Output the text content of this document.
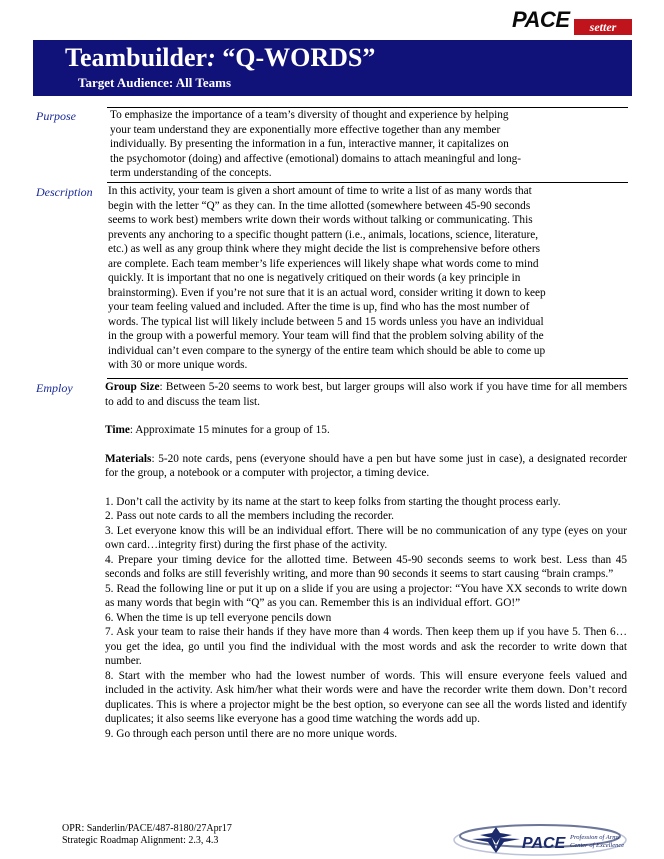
PACE	setter
Teambuilder: “Q-WORDS”
Target Audience: All Teams
Purpose	To emphasize the importance of a team’s diversity of thought and experience by helping
your team understand they are exponentially more effective together than any member
individually. By presenting the information in a fun, interactive manner, it capitalizes on
the psychomotor (doing) and affective (emotional) domains to attach meaningful and long-
term understanding of the concepts.
Description In this activity, your team is given a short amount of time to write a list of as many words that
begin with the letter “Q” as they can. In the time allotted (somewhere between 45-90 seconds
seems to work best) members write down their words without talking or communicating. This
prevents any anchoring to a specific thought pattern (i.e., animals, locations, science, literature,
etc.) as well as any group think where they might decide the list is comprehensive before others
are complete. Each team member’s life experiences will likely shape what words come to mind
quickly. It is important that no one is negatively critiqued on their words (a key principle in
brainstorming). Even if you’re not sure that it is an actual word, consider writing it down to keep
your team feeling valued and included. After the time is up, find who has the most number of
words. The typical list will likely include between 5 and 15 words unless you have an individual
in the group with a powerful memory. Your team will find that the problem solving ability of the
individual can’t even compare to the synergy of the entire team which should be able to come up
with 30 or more unique words.
Employ	Group Size: Between 5-20 seems to work best, but larger groups will also work if you have time for all members to add to and discuss the team list.

Time: Approximate 15 minutes for a group of 15.

Materials: 5-20 note cards, pens (everyone should have a pen but have some just in case), a designated recorder for the group, a notebook or a computer with projector, a timing device.

1. Don’t call the activity by its name at the start to keep folks from starting the thought process early.

2. Pass out note cards to all the members including the recorder.

3. Let everyone know this will be an individual effort. There will be no communication of any type (eyes on your own card…integrity first) during the first phase of the activity.

4. Prepare your timing device for the allotted time. Between 45-90 seconds seems to work best. Less than 45 seconds and folks are still feverishly writing, and more than 90 seconds it seems to start causing “brain cramps.”

5. Read the following line or put it up on a slide if you are using a projector: “You have XX seconds to write down as many words that begin with “Q” as you can. Remember this is an individual effort. GO!”

6. When the time is up tell everyone pencils down

7. Ask your team to raise their hands if they have more than 4 words. Then keep them up if you have 5. Then 6… you get the idea, go until you find the individual with the most words and ask the recorder to write down that number.

8. Start with the member who had the lowest number of words. This will ensure everyone feels valued and included in the activity. Ask him/her what their words were and have the recorder write them down. Don’t record duplicates. This is where a projector might be the best option, so everyone can see all the words listed and identify duplicates; it also seems like everyone has a good time watching the words add up.

9. Go through each person until there are no more unique words.

OPR: Sanderlin/PACE/487-8180/27Apr17
Strategic Roadmap Alignment: 2.3, 4.3	PACE Profession of Arms
Center of Excellence
